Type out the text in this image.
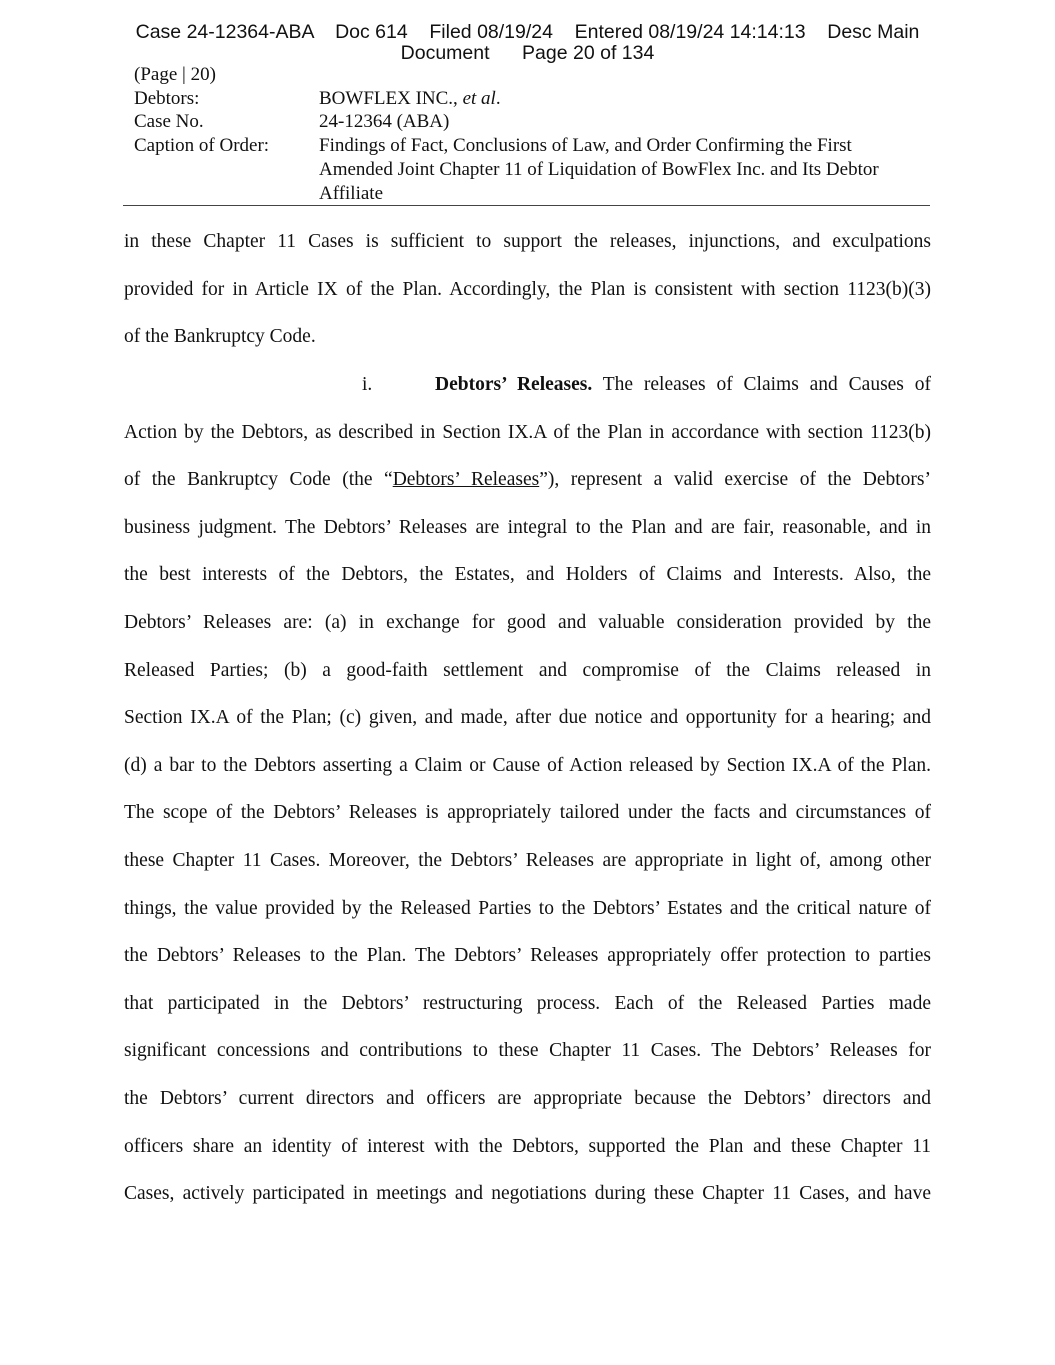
Case 24-12364-ABA    Doc 614    Filed 08/19/24    Entered 08/19/24 14:14:13    Desc Main
Document      Page 20 of 134
(Page | 20)
Debtors:	BOWFLEX INC., et al.
Case No.	24-12364 (ABA)
Caption of Order:	Findings of Fact, Conclusions of Law, and Order Confirming the First
Amended Joint Chapter 11 of Liquidation of BowFlex Inc. and Its Debtor
Affiliate
in these Chapter 11 Cases is sufficient to support the releases, injunctions, and exculpations
provided for in Article IX of the Plan. Accordingly, the Plan is consistent with section 1123(b)(3)
of the Bankruptcy Code.
i.	Debtors’ Releases. The releases of Claims and Causes of
Action by the Debtors, as described in Section IX.A of the Plan in accordance with section 1123(b)
of the Bankruptcy Code (the “Debtors’ Releases”), represent a valid exercise of the Debtors’
business judgment. The Debtors’ Releases are integral to the Plan and are fair, reasonable, and in
the best interests of the Debtors, the Estates, and Holders of Claims and Interests. Also, the
Debtors’ Releases are: (a) in exchange for good and valuable consideration provided by the
Released Parties; (b) a good-faith settlement and compromise of the Claims released in
Section IX.A of the Plan; (c) given, and made, after due notice and opportunity for a hearing; and
(d) a bar to the Debtors asserting a Claim or Cause of Action released by Section IX.A of the Plan.
The scope of the Debtors’ Releases is appropriately tailored under the facts and circumstances of
these Chapter 11 Cases. Moreover, the Debtors’ Releases are appropriate in light of, among other
things, the value provided by the Released Parties to the Debtors’ Estates and the critical nature of
the Debtors’ Releases to the Plan. The Debtors’ Releases appropriately offer protection to parties
that participated in the Debtors’ restructuring process. Each of the Released Parties made
significant concessions and contributions to these Chapter 11 Cases. The Debtors’ Releases for
the Debtors’ current directors and officers are appropriate because the Debtors’ directors and
officers share an identity of interest with the Debtors, supported the Plan and these Chapter 11
Cases, actively participated in meetings and negotiations during these Chapter 11 Cases, and have
